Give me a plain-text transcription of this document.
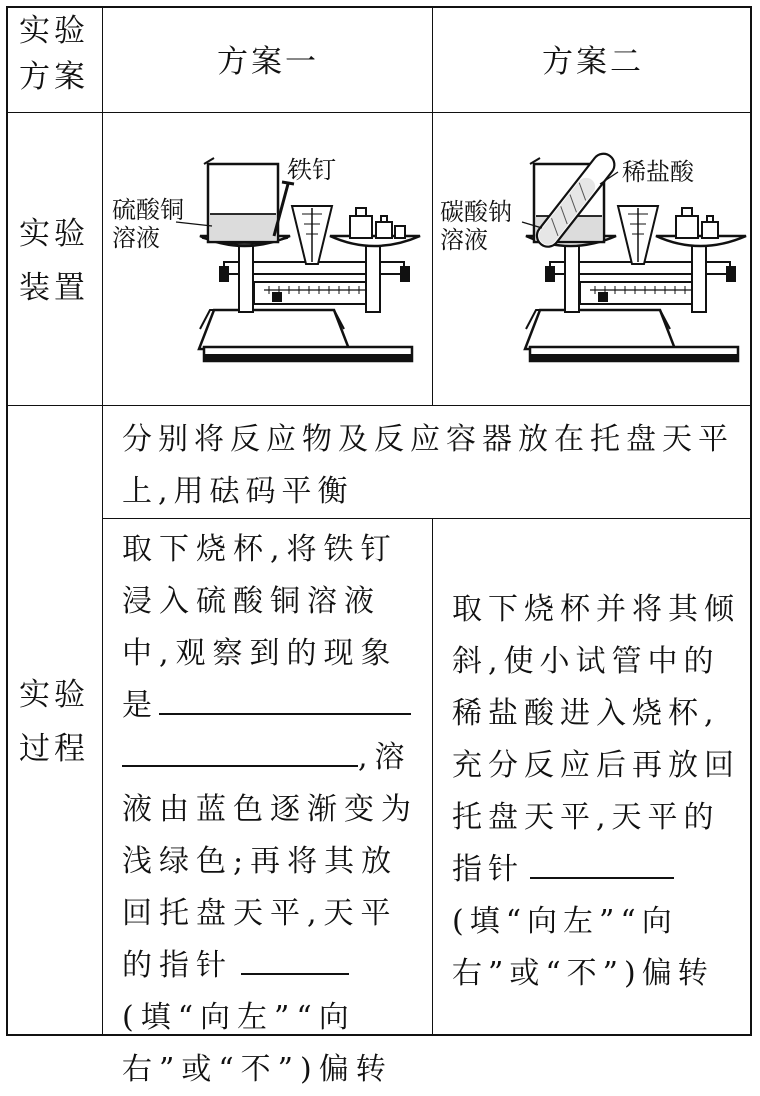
实验
方案	方案一	方案二
实验
装置
硫酸铜
溶液
铁钉
碳酸钠
溶液
稀盐酸
实验
过程
分别将反应物及反应容器放在托盘天平上,用砝码平衡

取下烧杯,将铁钉浸入硫酸铜溶液中,观察到的现象是,溶液由蓝色逐渐变为浅绿色;再将其放回托盘天平,天平的指针(填“向左”“向右”或“不”)偏转

取下烧杯并将其倾斜,使小试管中的稀盐酸进入烧杯,充分反应后再放回托盘天平,天平的指针(填“向左”“向右”或“不”)偏转
